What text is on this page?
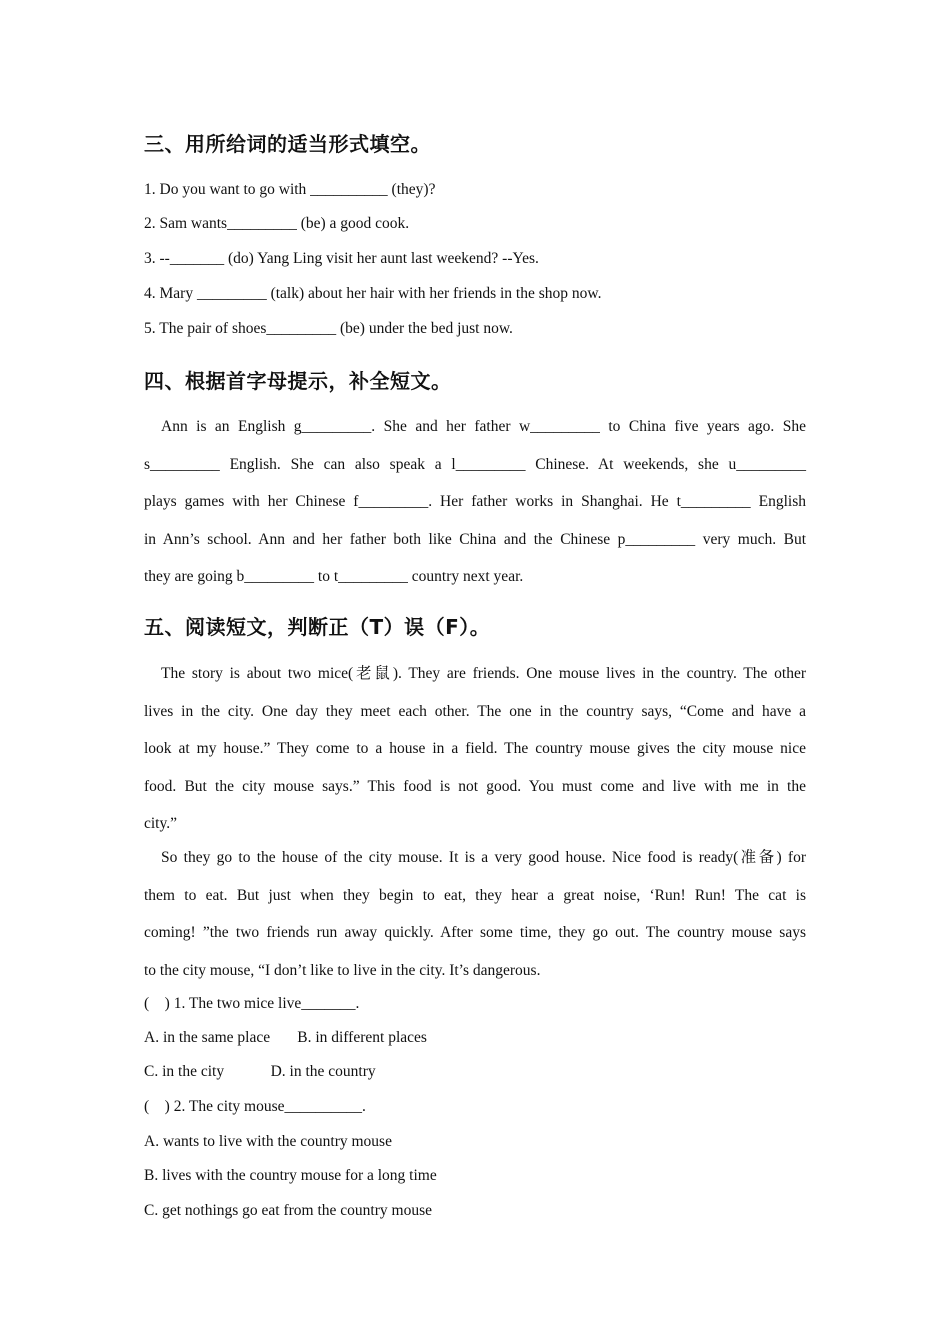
三、用所给词的适当形式填空。
1. Do you want to go with __________ (they)?
2. Sam wants_________ (be) a good cook.
3. --_______ (do) Yang Ling visit her aunt last weekend? --Yes.
4. Mary _________ (talk) about her hair with her friends in the shop now.
5. The pair of shoes_________ (be) under the bed just now.
四、根据首字母提示，补全短文。
Ann is an English g_________. She and her father w_________ to China five years ago. She
s_________ English. She can also speak a l_________ Chinese. At weekends, she u_________
plays games with her Chinese f_________. Her father works in Shanghai. He t_________ English
in Ann’s school. Ann and her father both like China and the Chinese p_________ very much. But
they are going b_________ to t_________ country next year.
五、阅读短文，判断正（T）误（F）。
The story is about two mice(老鼠). They are friends. One mouse lives in the country. The other
lives in the city. One day they meet each other. The one in the country says, “Come and have a
look at my house.” They come to a house in a field. The country mouse gives the city mouse nice
food. But the city mouse says.” This food is not good. You must come and live with me in the
city.”
So they go to the house of the city mouse. It is a very good house. Nice food is ready(准备) for
them to eat. But just when they begin to eat, they hear a great noise, ‘Run! Run! The cat is
coming! ”the two friends run away quickly. After some time, they go out. The country mouse says
to the city mouse, “I don’t like to live in the city. It’s dangerous.
(    ) 1. The two mice live_______.
A. in the same place       B. in different places
C. in the city            D. in the country
(    ) 2. The city mouse__________.
A. wants to live with the country mouse
B. lives with the country mouse for a long time
C. get nothings go eat from the country mouse
